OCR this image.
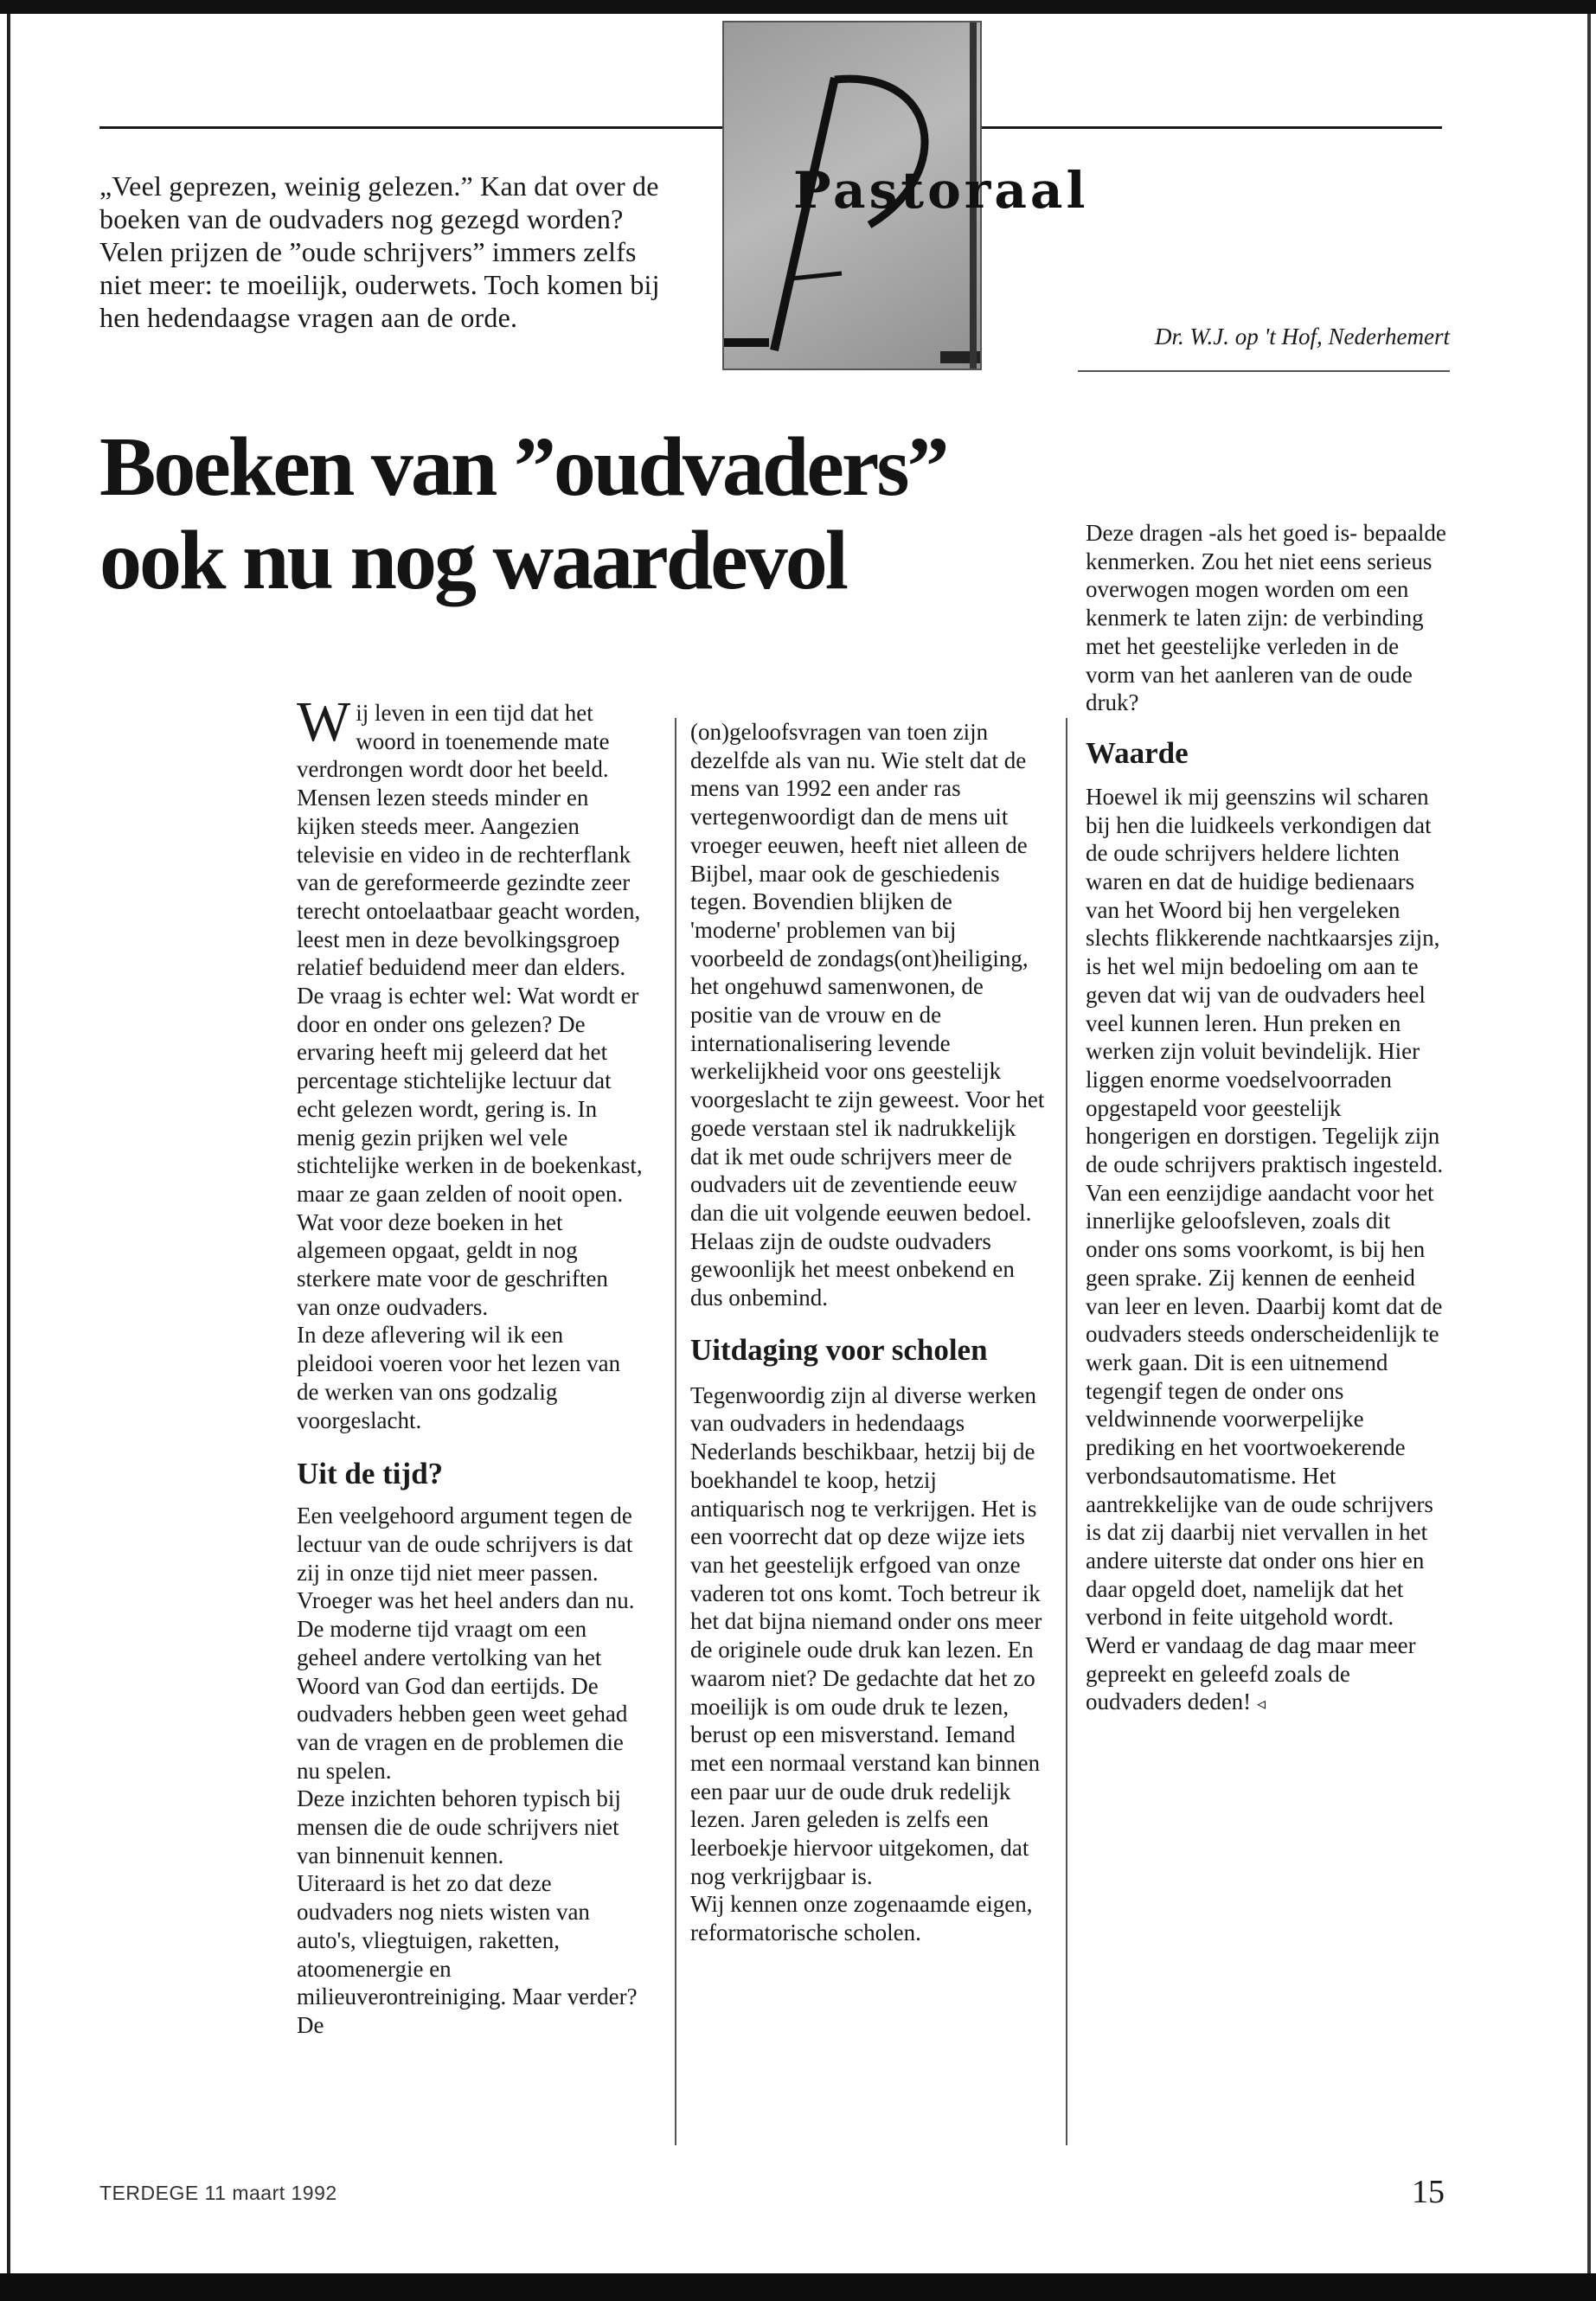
„Veel geprezen, weinig gelezen.” Kan dat over de boeken van de oudvaders nog gezegd worden? Velen prijzen de ”oude schrijvers” immers zelfs niet meer: te moeilijk, ouderwets. Toch komen bij hen hedendaagse vragen aan de orde.
P
Pastoraal
Dr. W.J. op 't Hof, Nederhemert
Boeken van ”oudvaders”
ook nu nog waardevol

Wij leven in een tijd dat het woord in toenemende mate verdrongen wordt door het beeld. Mensen lezen steeds minder en kijken steeds meer. Aangezien televisie en video in de rechterflank van de gereformeerde gezindte zeer terecht ontoelaatbaar geacht worden, leest men in deze bevolkingsgroep relatief beduidend meer dan elders.

De vraag is echter wel: Wat wordt er door en onder ons gelezen? De ervaring heeft mij geleerd dat het percentage stichtelijke lectuur dat echt gelezen wordt, gering is. In menig gezin prijken wel vele stichtelijke werken in de boekenkast, maar ze gaan zelden of nooit open. Wat voor deze boeken in het algemeen opgaat, geldt in nog sterkere mate voor de geschriften van onze oudvaders.

In deze aflevering wil ik een pleidooi voeren voor het lezen van de werken van ons godzalig voorgeslacht.

Uit de tijd?

Een veelgehoord argument tegen de lectuur van de oude schrijvers is dat zij in onze tijd niet meer passen. Vroeger was het heel anders dan nu. De moderne tijd vraagt om een geheel andere vertolking van het Woord van God dan eertijds. De oudvaders hebben geen weet gehad van de vragen en de problemen die nu spelen.

Deze inzichten behoren typisch bij mensen die de oude schrijvers niet van binnenuit kennen.

Uiteraard is het zo dat deze oudvaders nog niets wisten van auto's, vliegtuigen, raketten, atoomenergie en milieuverontreiniging. Maar verder? De

(on)geloofsvragen van toen zijn dezelfde als van nu. Wie stelt dat de mens van 1992 een ander ras vertegenwoordigt dan de mens uit vroeger eeuwen, heeft niet alleen de Bijbel, maar ook de geschiedenis tegen. Bovendien blijken de 'moderne' problemen van bij voorbeeld de zondags(ont)heiliging, het ongehuwd samenwonen, de positie van de vrouw en de internationalisering levende werkelijkheid voor ons geestelijk voorgeslacht te zijn geweest. Voor het goede verstaan stel ik nadrukkelijk dat ik met oude schrijvers meer de oudvaders uit de zeventiende eeuw dan die uit volgende eeuwen bedoel. Helaas zijn de oudste oudvaders gewoonlijk het meest onbekend en dus onbemind.

Uitdaging voor scholen

Tegenwoordig zijn al diverse werken van oudvaders in hedendaags Nederlands beschikbaar, hetzij bij de boekhandel te koop, hetzij antiquarisch nog te verkrijgen. Het is een voorrecht dat op deze wijze iets van het geestelijk erfgoed van onze vaderen tot ons komt. Toch betreur ik het dat bijna niemand onder ons meer de originele oude druk kan lezen. En waarom niet? De gedachte dat het zo moeilijk is om oude druk te lezen, berust op een misverstand. Iemand met een normaal verstand kan binnen een paar uur de oude druk redelijk lezen. Jaren geleden is zelfs een leerboekje hiervoor uitgekomen, dat nog verkrijgbaar is.

Wij kennen onze zogenaamde eigen, reformatorische scholen.

Deze dragen -als het goed is- bepaalde kenmerken. Zou het niet eens serieus overwogen mogen worden om een kenmerk te laten zijn: de verbinding met het geestelijke verleden in de vorm van het aanleren van de oude druk?

Waarde

Hoewel ik mij geenszins wil scharen bij hen die luidkeels verkondigen dat de oude schrijvers heldere lichten waren en dat de huidige bedienaars van het Woord bij hen vergeleken slechts flikkerende nachtkaarsjes zijn, is het wel mijn bedoeling om aan te geven dat wij van de oudvaders heel veel kunnen leren. Hun preken en werken zijn voluit bevindelijk. Hier liggen enorme voedselvoorraden opgestapeld voor geestelijk hongerigen en dorstigen. Tegelijk zijn de oude schrijvers praktisch ingesteld. Van een eenzijdige aandacht voor het innerlijke geloofsleven, zoals dit onder ons soms voorkomt, is bij hen geen sprake. Zij kennen de eenheid van leer en leven. Daarbij komt dat de oudvaders steeds onderscheidenlijk te werk gaan. Dit is een uitnemend tegengif tegen de onder ons veldwinnende voorwerpelijke prediking en het voortwoekerende verbondsautomatisme. Het aantrekkelijke van de oude schrijvers is dat zij daarbij niet vervallen in het andere uiterste dat onder ons hier en daar opgeld doet, namelijk dat het verbond in feite uitgehold wordt. Werd er vandaag de dag maar meer gepreekt en geleefd zoals de oudvaders deden! ◃

TERDEGE 11 maart 1992	15
